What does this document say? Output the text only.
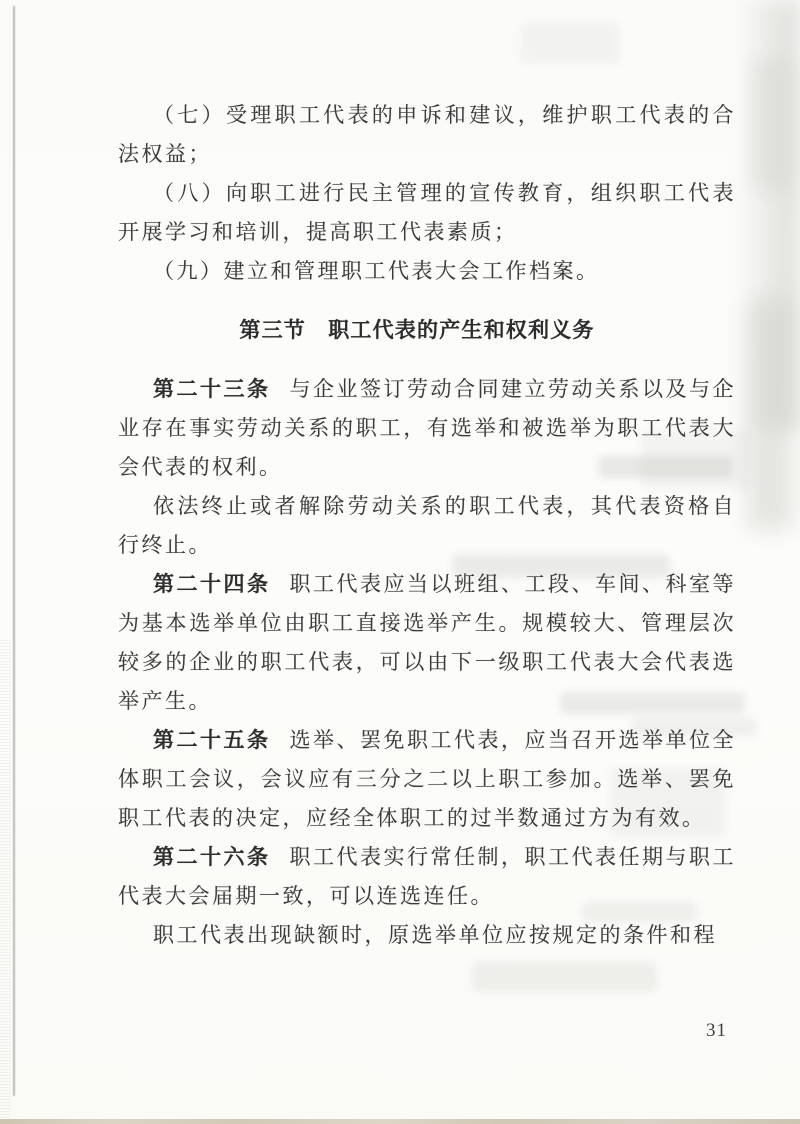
（七）受理职工代表的申诉和建议，维护职工代表的合法权益；

（八）向职工进行民主管理的宣传教育，组织职工代表开展学习和培训，提高职工代表素质；

（九）建立和管理职工代表大会工作档案。

第三节　职工代表的产生和权利义务

第二十三条 与企业签订劳动合同建立劳动关系以及与企业存在事实劳动关系的职工，有选举和被选举为职工代表大会代表的权利。

依法终止或者解除劳动关系的职工代表，其代表资格自行终止。

第二十四条 职工代表应当以班组、工段、车间、科室等为基本选举单位由职工直接选举产生。规模较大、管理层次较多的企业的职工代表，可以由下一级职工代表大会代表选举产生。

第二十五条 选举、罢免职工代表，应当召开选举单位全体职工会议，会议应有三分之二以上职工参加。选举、罢免职工代表的决定，应经全体职工的过半数通过方为有效。

第二十六条 职工代表实行常任制，职工代表任期与职工代表大会届期一致，可以连选连任。

职工代表出现缺额时，原选举单位应按规定的条件和程

31
